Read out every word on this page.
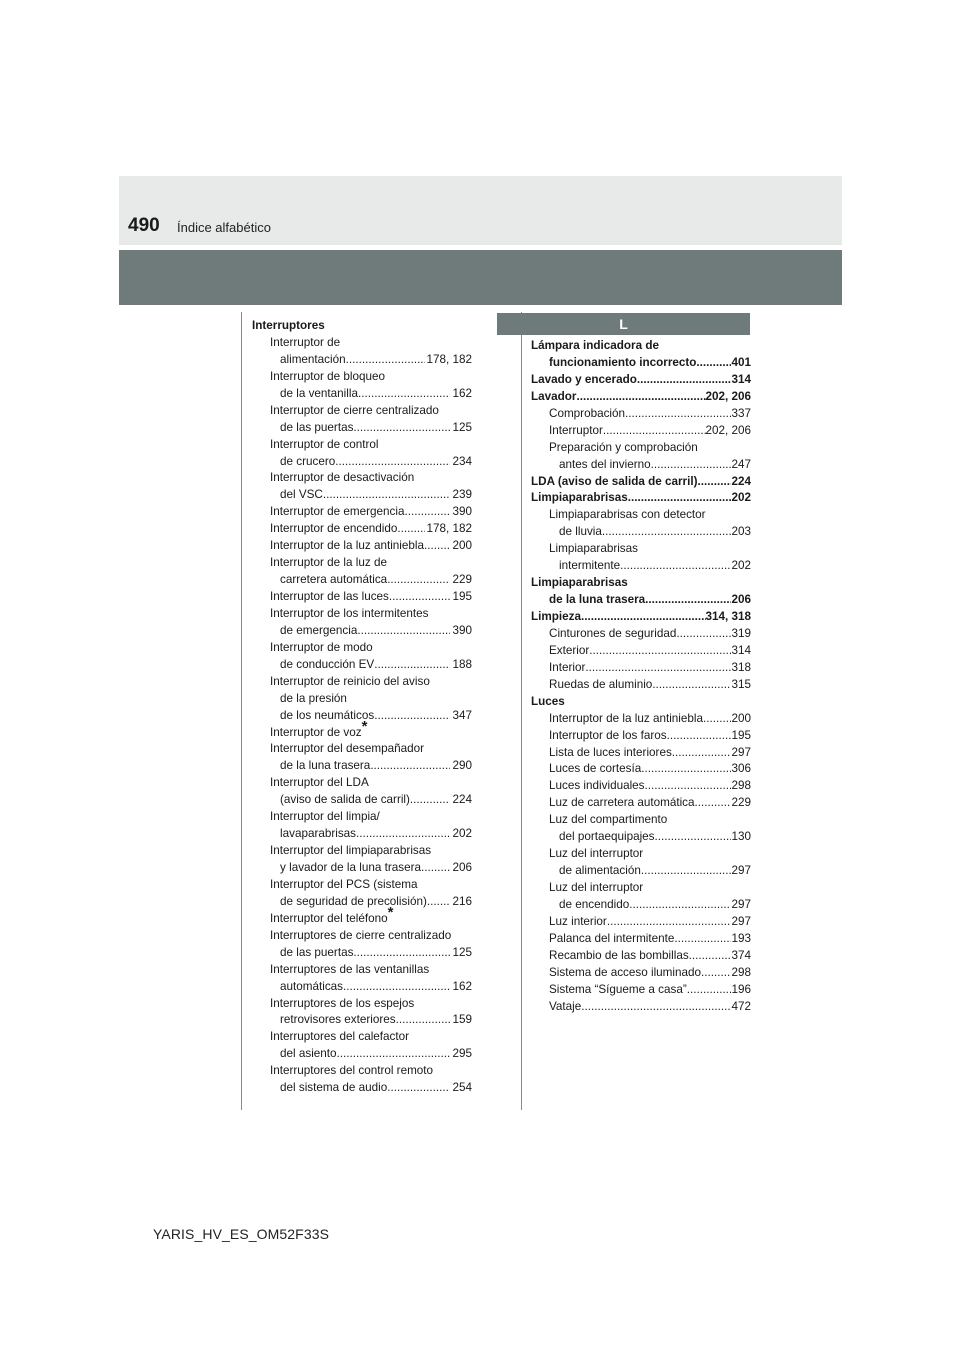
490 Índice alfabético
L
Interruptores
Interruptor de
alimentación .....	178, 182
Interruptor de bloqueo
de la ventanilla .....	162
Interruptor de cierre centralizado
de las puertas .....	125
Interruptor de control
de crucero .....	234
Interruptor de desactivación
del VSC .....	239
Interruptor de emergencia .....	390
Interruptor de encendido ..... 178, 182
Interruptor de la luz antiniebla ..... 200
Interruptor de la luz de
carretera automática .....	229
Interruptor de las luces .....	195
Interruptor de los intermitentes
de emergencia .....	390
Interruptor de modo
de conducción EV .....	188
Interruptor de reinicio del aviso
de la presión
de los neumáticos .....	347
Interruptor de voz*
Interruptor del desempañador
de la luna trasera .....	290
Interruptor del LDA
(aviso de salida de carril) .....	224
Interruptor del limpia/
lavaparabrisas .....	202
Interruptor del limpiaparabrisas
y lavador de la luna trasera .....	206
Interruptor del PCS (sistema
de seguridad de precolisión) ..... 216
Interruptor del teléfono*
Interruptores de cierre centralizado
de las puertas .....	125
Interruptores de las ventanillas
automáticas .....	162
Interruptores de los espejos
retrovisores exteriores .....	159
Interruptores del calefactor
del asiento .....	295
Interruptores del control remoto
del sistema de audio .....	254
Lámpara indicadora de
funcionamiento incorrecto .....	401
Lavado y encerado .....	314
Lavador .....	202, 206
Comprobación .....	337
Interruptor .....	202, 206
Preparación y comprobación
antes del invierno .....	247
LDA (aviso de salida de carril) .....	224
Limpiaparabrisas .....	202
Limpiaparabrisas con detector
de lluvia .....	203
Limpiaparabrisas
intermitente .....	202
Limpiaparabrisas
de la luna trasera .....	206
Limpieza .....	314, 318
Cinturones de seguridad .....	319
Exterior .....	314
Interior .....	318
Ruedas de aluminio .....	315
Luces
Interruptor de la luz antiniebla ..... 200
Interruptor de los faros .....	195
Lista de luces interiores .....	297
Luces de cortesía .....	306
Luces individuales .....	298
Luz de carretera automática .....	229
Luz del compartimento
del portaequipajes .....	130
Luz del interruptor
de alimentación .....	297
Luz del interruptor
de encendido .....	297
Luz interior .....	297
Palanca del intermitente .....	193
Recambio de las bombillas .....	374
Sistema de acceso iluminado .....	298
Sistema “Sígueme a casa” .....	196
Vataje .....	472
YARIS_HV_ES_OM52F33S
